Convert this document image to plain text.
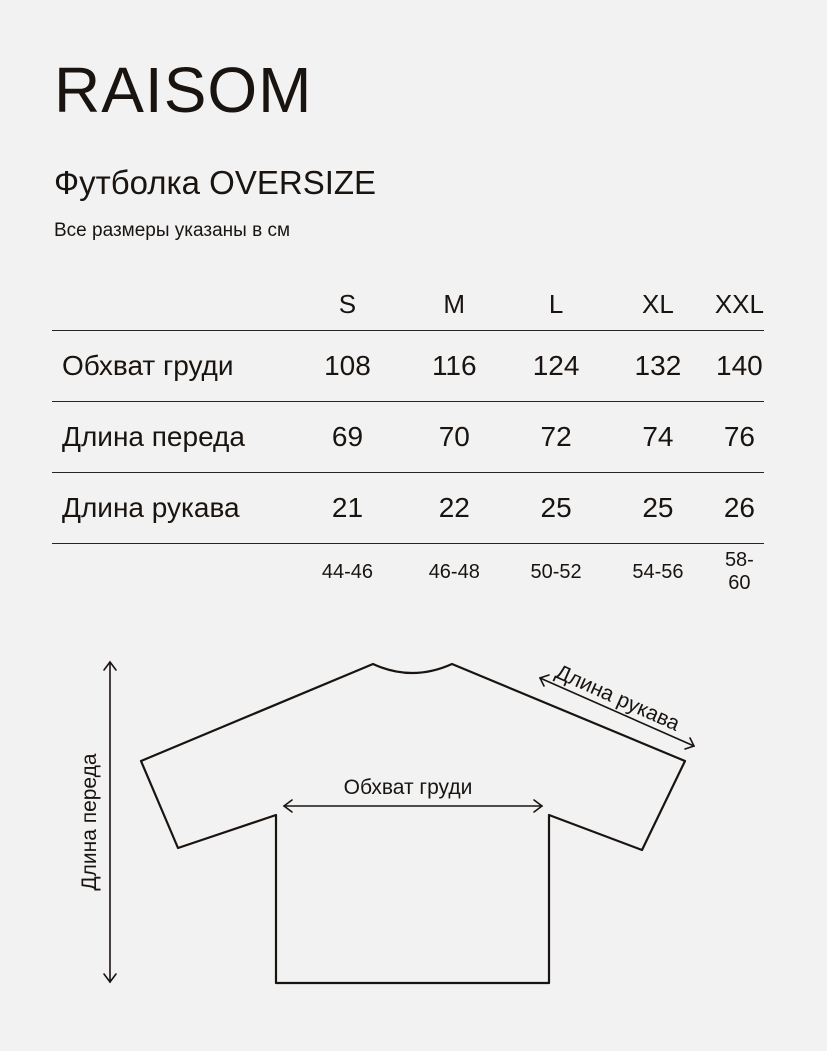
RAISOM
Футболка OVERSIZE
Все размеры указаны в см
	S	M	L	XL	XXL
Обхват груди	108	116	124	132	140
Длина переда	69	70	72	74	76
Длина рукава	21	22	25	25	26
	44-46	46-48	50-52	54-56	58-60
Длина переда	Обхват груди
Длина рукава
